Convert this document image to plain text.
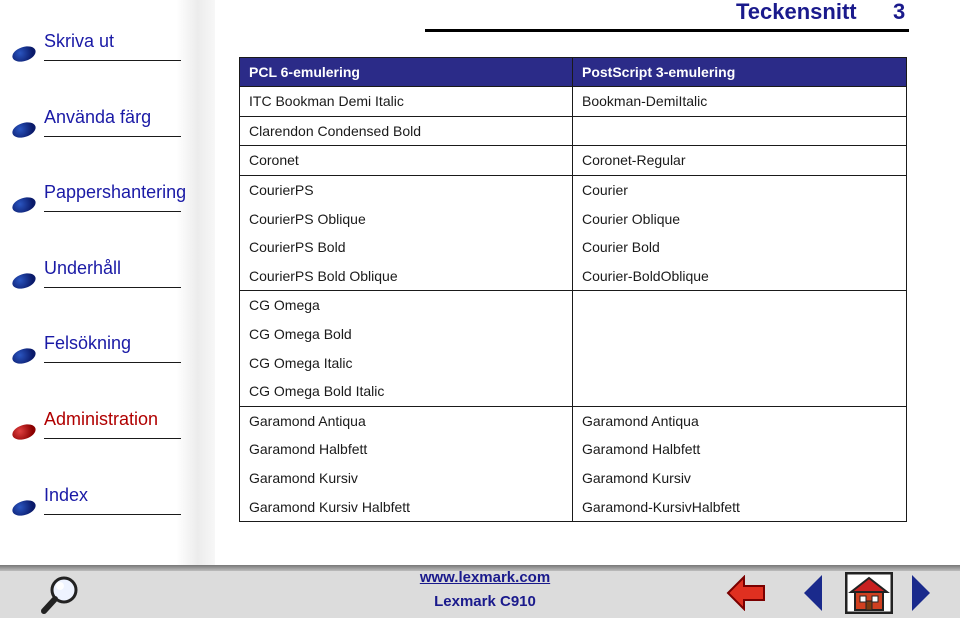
Skriva ut
Använda färg
Pappershantering
Underhåll
Felsökning
Administration
Index
Teckensnitt 3
PCL 6-emulering	PostScript 3-emulering
ITC Bookman Demi Italic	Bookman-DemiItalic
Clarendon Condensed Bold	
Coronet	Coronet-Regular
CourierPS	Courier
CourierPS Oblique	Courier Oblique
CourierPS Bold	Courier Bold
CourierPS Bold Oblique	Courier-BoldOblique
CG Omega	
CG Omega Bold	
CG Omega Italic	
CG Omega Bold Italic	
Garamond Antiqua	Garamond Antiqua
Garamond Halbfett	Garamond Halbfett
Garamond Kursiv	Garamond Kursiv
Garamond Kursiv Halbfett	Garamond-KursivHalbfett
www.lexmark.com
Lexmark C910
